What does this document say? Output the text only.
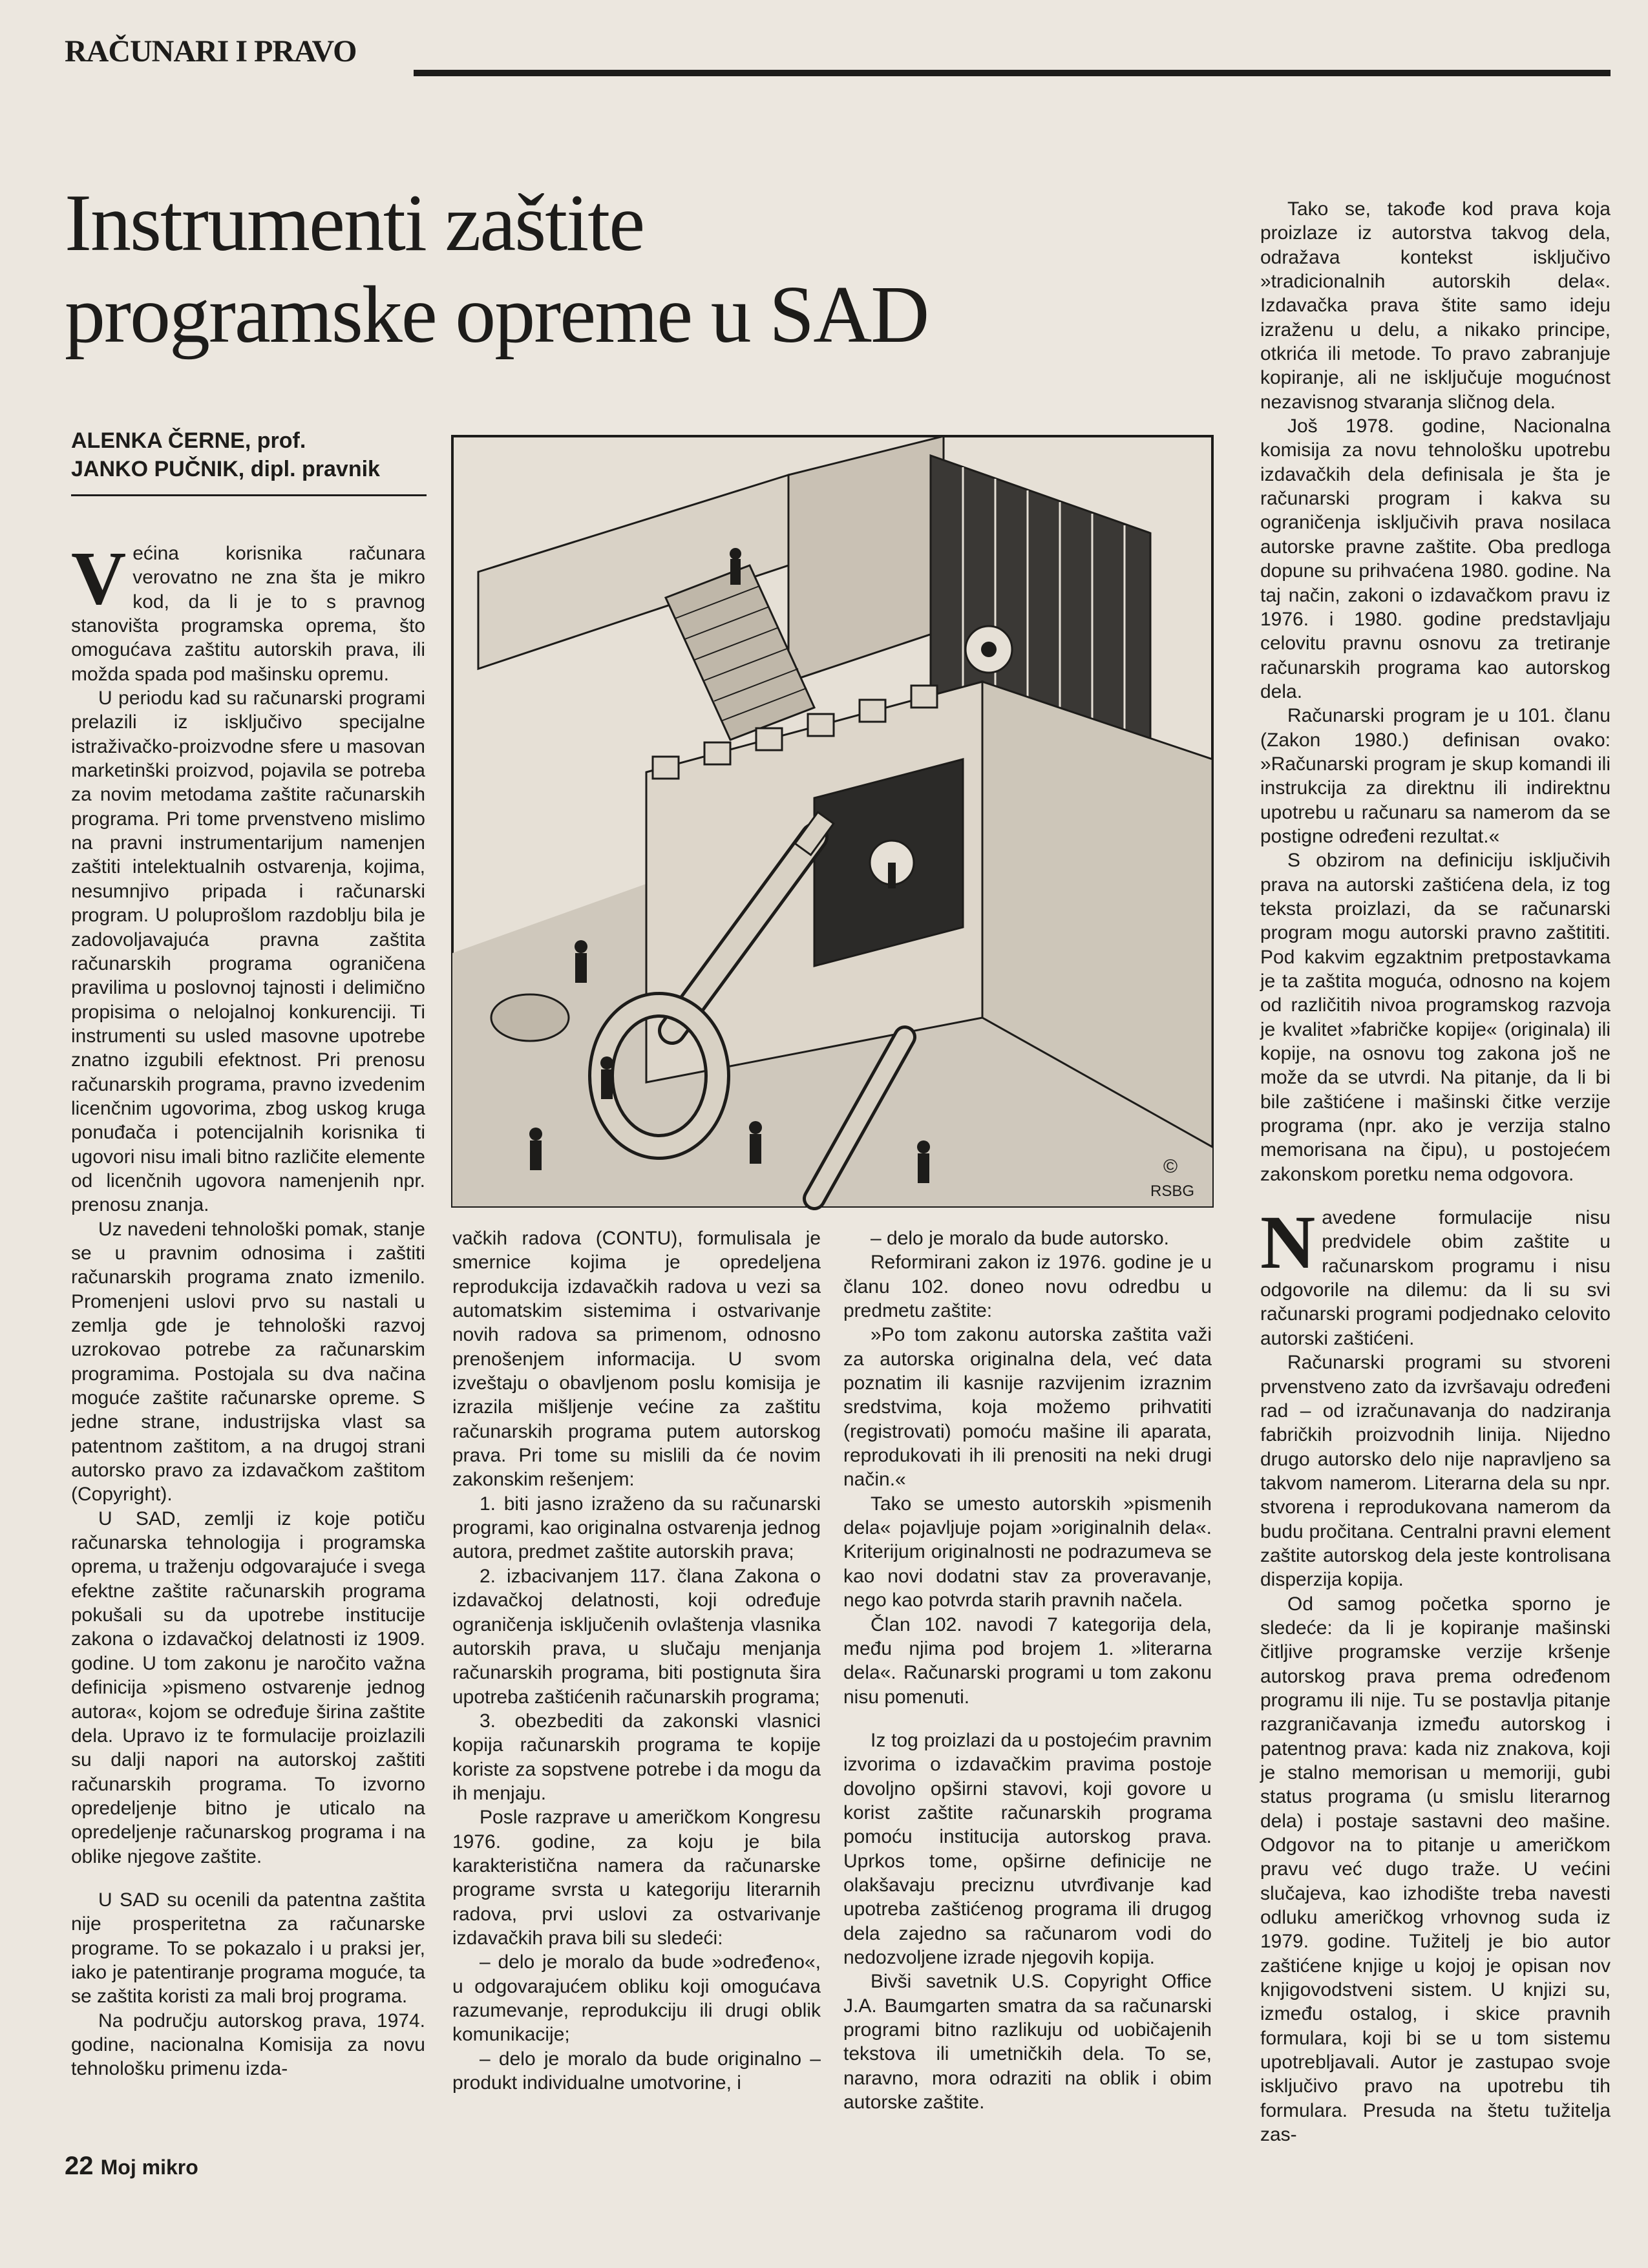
RAČUNARI I PRAVO
Instrumenti zaštite
programske opreme u SAD
ALENKA ČERNE, prof.
JANKO PUČNIK, dipl. pravnik
©
RSBG

Većina korisnika računara verovatno ne zna šta je mikro kod, da li je to s pravnog stanovišta programska oprema, što omogućava zaštitu autorskih prava, ili možda spada pod mašinsku opremu.

U periodu kad su računarski programi prelazili iz isključivo specijalne istraživačko-proizvodne sfere u masovan marketinški proizvod, pojavila se potreba za novim metodama zaštite računarskih programa. Pri tome prvenstveno mislimo na pravni instrumentarijum namenjen zaštiti intelektualnih ostvarenja, kojima, nesumnjivo pripada i računarski program. U poluprošlom razdoblju bila je zadovoljavajuća pravna zaštita računarskih programa ograničena pravilima u poslovnoj tajnosti i delimično propisima o nelojalnoj konkurenciji. Ti instrumenti su usled masovne upotrebe znatno izgubili efektnost. Pri prenosu računarskih programa, pravno izvedenim licenčnim ugovorima, zbog uskog kruga ponuđača i potencijalnih korisnika ti ugovori nisu imali bitno različite elemente od licenčnih ugovora namenjenih npr. prenosu znanja.

Uz navedeni tehnološki pomak, stanje se u pravnim odnosima i zaštiti računarskih programa znato izmenilo. Promenjeni uslovi prvo su nastali u zemlja gde je tehnološki razvoj uzrokovao potrebe za računarskim programima. Postojala su dva načina moguće zaštite računarske opreme. S jedne strane, industrijska vlast sa patentnom zaštitom, a na drugoj strani autorsko pravo za izdavačkom zaštitom (Copyright).

U SAD, zemlji iz koje potiču računarska tehnologija i programska oprema, u traženju odgovarajuće i svega efektne zaštite računarskih programa pokušali su da upotrebe institucije zakona o izdavačkoj delatnosti iz 1909. godine. U tom zakonu je naročito važna definicija »pismeno ostvarenje jednog autora«, kojom se određuje širina zaštite dela. Upravo iz te formulacije proizlazili su dalji napori na autorskoj zaštiti računarskih programa. To izvorno opredeljenje bitno je uticalo na opredeljenje računarskog programa i na oblike njegove zaštite.

U SAD su ocenili da patentna zaštita nije prosperitetna za računarske programe. To se pokazalo i u praksi jer, iako je patentiranje programa moguće, ta se zaštita koristi za mali broj programa.

Na području autorskog prava, 1974. godine, nacionalna Komisija za novu tehnološku primenu izda-

vačkih radova (CONTU), formulisala je smernice kojima je opredeljena reprodukcija izdavačkih radova u vezi sa automatskim sistemima i ostvarivanje novih radova sa primenom, odnosno prenošenjem informacija. U svom izveštaju o obavljenom poslu komisija je izrazila mišljenje većine za zaštitu računarskih programa putem autorskog prava. Pri tome su mislili da će novim zakonskim rešenjem:

1. biti jasno izraženo da su računarski programi, kao originalna ostvarenja jednog autora, predmet zaštite autorskih prava;

2. izbacivanjem 117. člana Zakona o izdavačkoj delatnosti, koji određuje ograničenja isključenih ovlaštenja vlasnika autorskih prava, u slučaju menjanja računarskih programa, biti postignuta šira upotreba zaštićenih računarskih programa;

3. obezbediti da zakonski vlasnici kopija računarskih programa te kopije koriste za sopstvene potrebe i da mogu da ih menjaju.

Posle razprave u američkom Kongresu 1976. godine, za koju je bila karakteristična namera da računarske programe svrsta u kategoriju literarnih radova, prvi uslovi za ostvarivanje izdavačkih prava bili su sledeći:

– delo je moralo da bude »određeno«, u odgovarajućem obliku koji omogućava razumevanje, reprodukciju ili drugi oblik komunikacije;

– delo je moralo da bude originalno – produkt individualne umotvorine, i

– delo je moralo da bude autorsko.

Reformirani zakon iz 1976. godine je u članu 102. doneo novu odredbu u predmetu zaštite:

»Po tom zakonu autorska zaštita važi za autorska originalna dela, već data poznatim ili kasnije razvijenim izraznim sredstvima, koja možemo prihvatiti (registrovati) pomoću mašine ili aparata, reprodukovati ih ili prenositi na neki drugi način.«

Tako se umesto autorskih »pismenih dela« pojavljuje pojam »originalnih dela«. Kriterijum originalnosti ne podrazumeva se kao novi dodatni stav za proveravanje, nego kao potvrda starih pravnih načela.

Član 102. navodi 7 kategorija dela, među njima pod brojem 1. »literarna dela«. Računarski programi u tom zakonu nisu pomenuti.

Iz tog proizlazi da u postojećim pravnim izvorima o izdavačkim pravima postoje dovoljno opširni stavovi, koji govore u korist zaštite računarskih programa pomoću instituciја autorskog prava. Uprkos tome, opširne definicije ne olakšavaju preciznu utvrđivanje kad upotreba zaštićenog programa ili drugog dela zajedno sa računarom vodi do nedozvoljene izrade njegovih kopija.

Bivši savetnik U.S. Copyright Office J.A. Baumgarten smatra da sa računarski programi bitno razlikuju od uobičajenih tekstova ili umetničkih dela. To se, naravno, mora odraziti na oblik i obim autorske zaštite.

Tako se, takođe kod prava koja proizlaze iz autorstva takvog dela, odražava kontekst isključivo »tradicionalnih autorskih dela«. Izdavačka prava štite samo ideju izraženu u delu, a nikako principe, otkrića ili metode. To pravo zabranjuje kopiranje, ali ne isključuje mogućnost nezavisnog stvaranja sličnog dela.

Još 1978. godine, Nacionalna komisija za novu tehnološku upotrebu izdavačkih dela definisala je šta je računarski program i kakva su ograničenja isključivih prava nosilaca autorske pravne zaštite. Oba predloga dopune su prihvaćena 1980. godine. Na taj način, zakoni o izdavačkom pravu iz 1976. i 1980. godine predstavljaju celovitu pravnu osnovu za tretiranje računarskih programa kao autorskog dela.

Računarski program je u 101. članu (Zakon 1980.) definisan ovako: »Računarski program je skup komandi ili instrukcija za direktnu ili indirektnu upotrebu u računaru sa namerom da se postigne određeni rezultat.«

S obzirom na definiciju isključivih prava na autorski zaštićena dela, iz tog teksta proizlazi, da se računarski program mogu autorski pravno zaštititi. Pod kakvim egzaktnim pretpostavkama je ta zaštita moguća, odnosno na kojem od različitih nivoa programskog razvoja je kvalitet »fabričke kopije« (originala) ili kopije, na osnovu tog zakona još ne može da se utvrdi. Na pitanje, da li bi bile zaštićene i mašinski čitke verzije programa (npr. ako je verzija stalno memorisana na čipu), u postojećem zakonskom poretku nema odgovora.

Navedene formulacije nisu predvidele obim zaštite u računarskom programu i nisu odgovorile na dilemu: da li su svi računarski programi podjednako celovito autorski zaštićeni.

Računarski programi su stvoreni prvenstveno zato da izvršavaju određeni rad – od izračunavanja do nadziranja fabričkih proizvodnih linija. Nijedno drugo autorsko delo nije napravljeno sa takvom namerom. Literarna dela su npr. stvorena i reprodukovana namerom da budu pročitana. Centralni pravni element zaštite autorskog dela jeste kontrolisana disperzija kopija.

Od samog početka sporno je sledeće: da li je kopiranje mašinski čitljive programske verzije kršenje autorskog prava prema određenom programu ili nije. Tu se postavlja pitanje razgraničavanja između autorskog i patentnog prava: kada niz znakova, koji je stalno memorisan u memoriji, gubi status programa (u smislu literarnog dela) i postaje sastavni deo mašine. Odgovor na to pitanje u američkom pravu već dugo traže. U većini slučajeva, kao izhodište treba navesti odluku američkog vrhovnog suda iz 1979. godine. Tužitelj je bio autor zaštićene knjige u kojoj je opisan nov knjigovodstveni sistem. U knjizi su, između ostalog, i skice pravnih formulara, koji bi se u tom sistemu upotrebljavali. Autor je zastupao svoje isključivo pravo na upotrebu tih formulara. Presuda na štetu tužitelja zas-

22 Moj mikro
